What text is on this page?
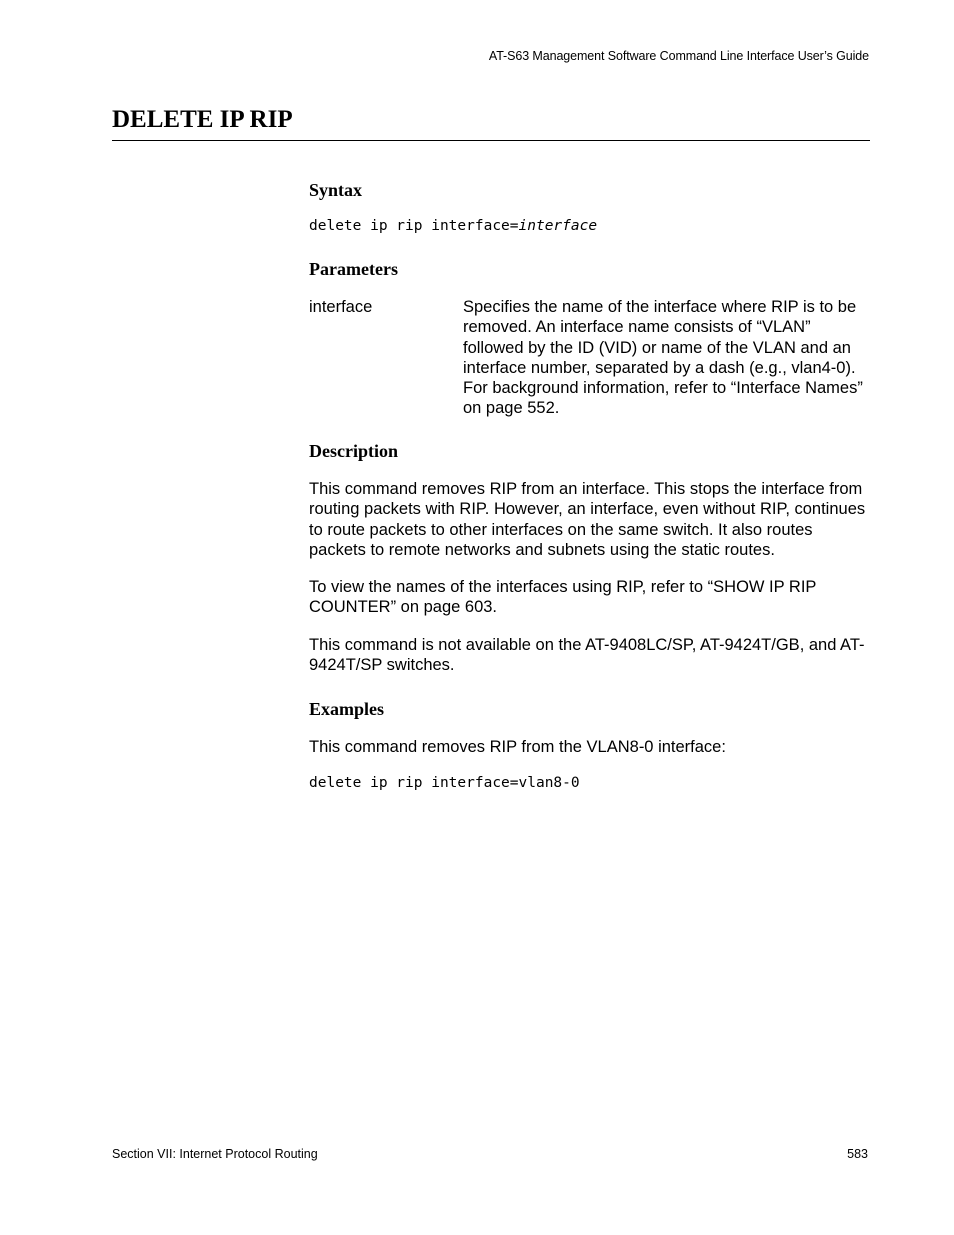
AT-S63 Management Software Command Line Interface User’s Guide
DELETE IP RIP
Syntax
delete ip rip interface=interface
Parameters
interface	Specifies the name of the interface where RIP is to be removed. An interface name consists of “VLAN” followed by the ID (VID) or name of the VLAN and an interface number, separated by a dash (e.g., vlan4-0). For background information, refer to “Interface Names” on page 552.

Description

This command removes RIP from an interface. This stops the interface from routing packets with RIP. However, an interface, even without RIP, continues to route packets to other interfaces on the same switch. It also routes packets to remote networks and subnets using the static routes.

To view the names of the interfaces using RIP, refer to “SHOW IP RIP COUNTER” on page 603.

This command is not available on the AT-9408LC/SP, AT-9424T/GB, and AT-9424T/SP switches.

Examples

This command removes RIP from the VLAN8-0 interface:

delete ip rip interface=vlan8-0
Section VII: Internet Protocol Routing	583
